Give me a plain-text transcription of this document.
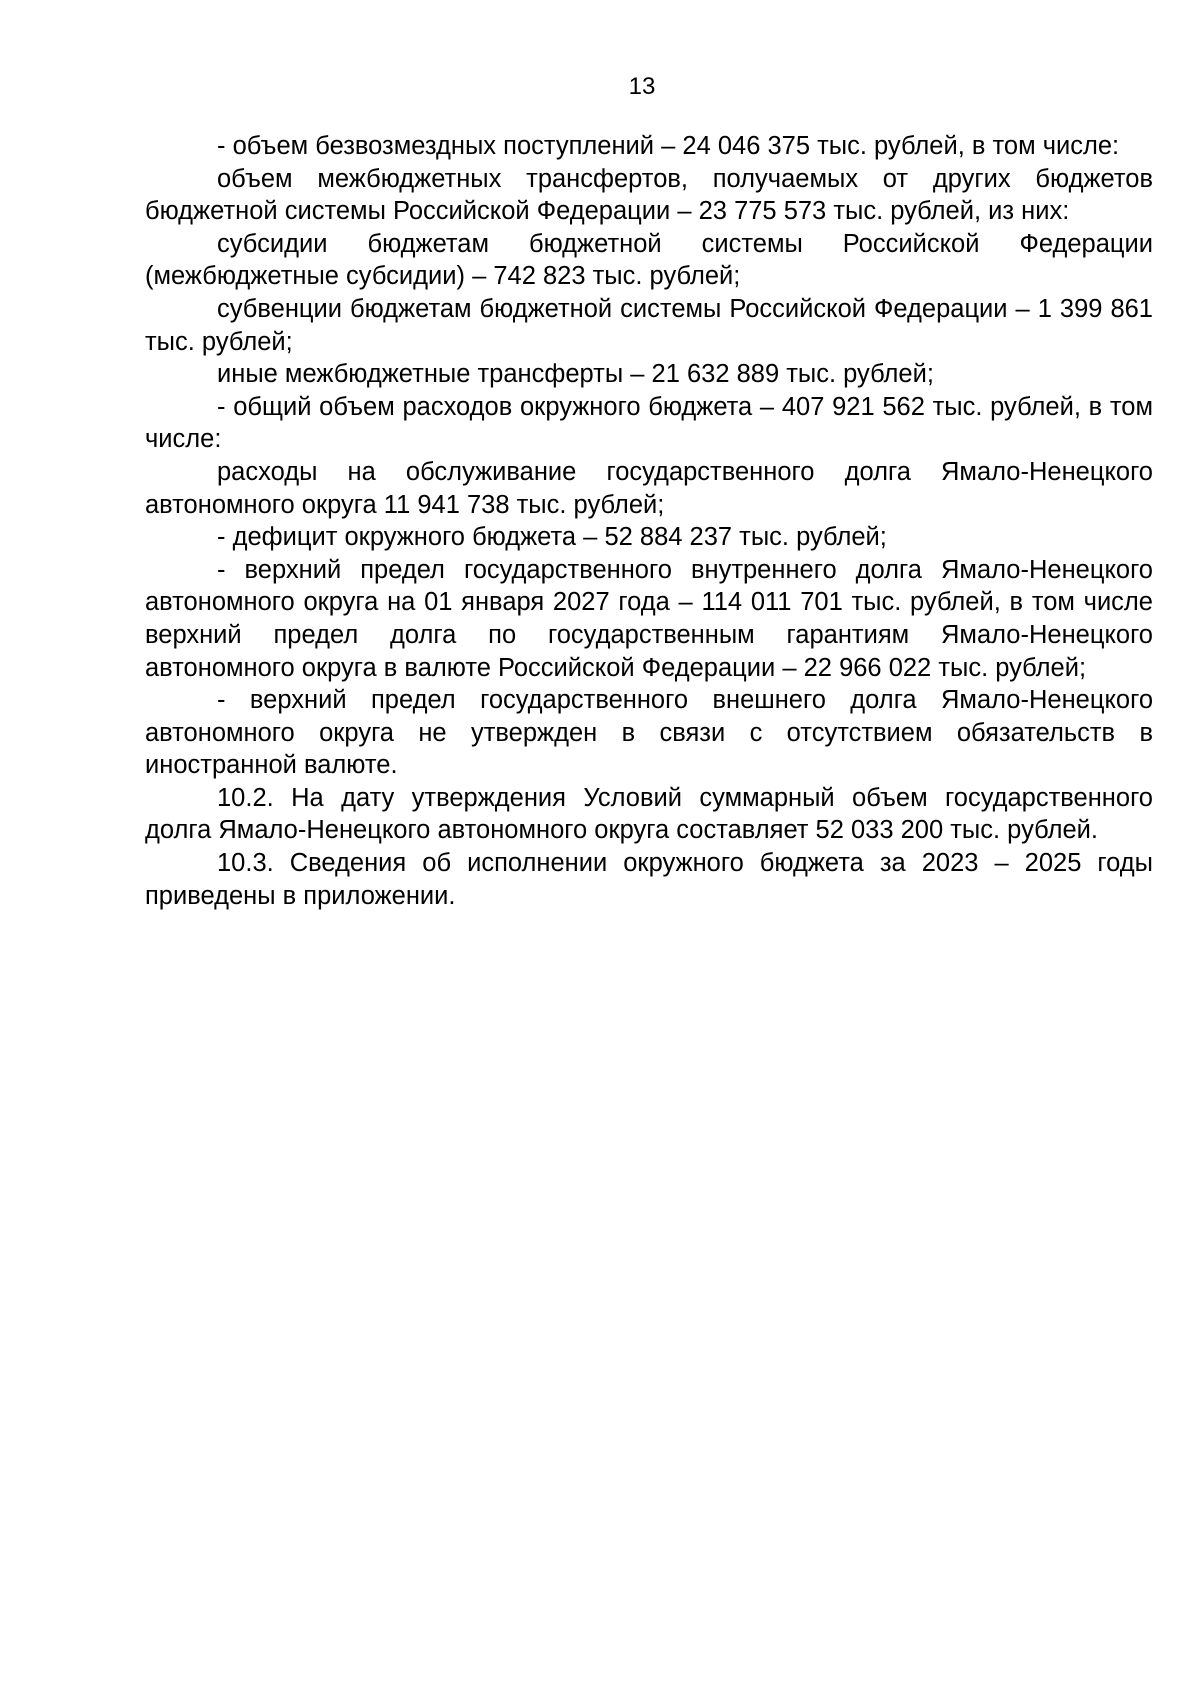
13

- объем безвозмездных поступлений – 24 046 375 тыс. рублей, в том числе:

объем межбюджетных трансфертов, получаемых от других бюджетов бюджетной системы Российской Федерации – 23 775 573 тыс. рублей, из них:

субсидии бюджетам бюджетной системы Российской Федерации (межбюджетные субсидии) – 742 823 тыс. рублей;

субвенции бюджетам бюджетной системы Российской Федерации – 1 399 861 тыс. рублей;

иные межбюджетные трансферты – 21 632 889 тыс. рублей;

- общий объем расходов окружного бюджета – 407 921 562 тыс. рублей, в том числе:

расходы на обслуживание государственного долга Ямало-Ненецкого автономного округа 11 941 738 тыс. рублей;

- дефицит окружного бюджета – 52 884 237 тыс. рублей;

- верхний предел государственного внутреннего долга Ямало-Ненецкого автономного округа на 01 января 2027 года – 114 011 701 тыс. рублей, в том числе верхний предел долга по государственным гарантиям Ямало-Ненецкого автономного округа в валюте Российской Федерации – 22 966 022 тыс. рублей;

- верхний предел государственного внешнего долга Ямало-Ненецкого автономного округа не утвержден в связи с отсутствием обязательств в иностранной валюте.

10.2. На дату утверждения Условий суммарный объем государственного долга Ямало-Ненецкого автономного округа составляет 52 033 200 тыс. рублей.

10.3. Сведения об исполнении окружного бюджета за 2023 – 2025 годы приведены в приложении.
